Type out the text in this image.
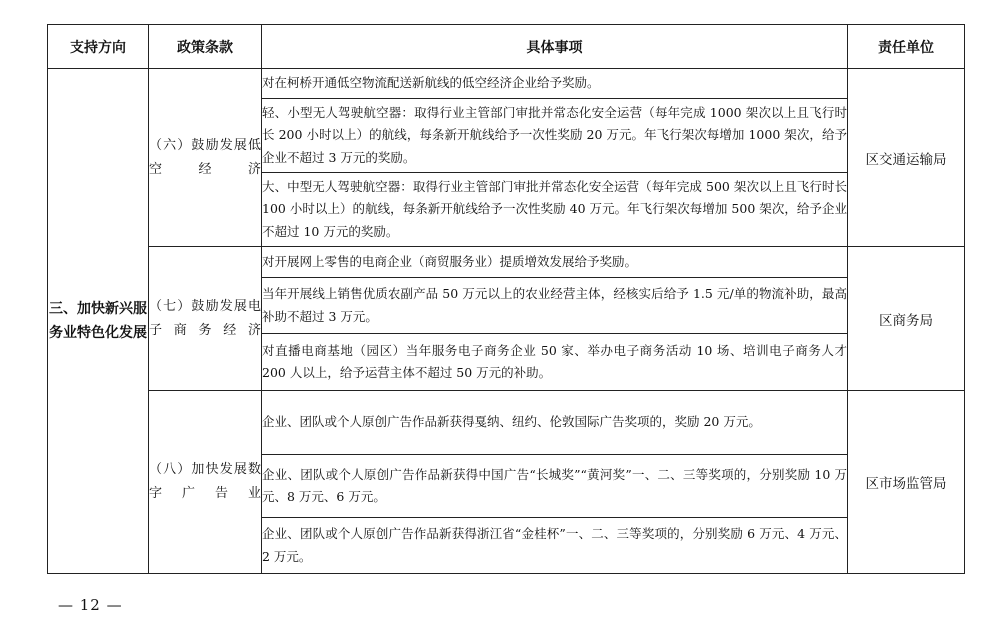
支持方向	政策条款	具体事项	责任单位
三、加快新兴服务业特色化发展	（六）鼓励发展低空经济	对在柯桥开通低空物流配送新航线的低空经济企业给予奖励。	区交通运输局
		轻、小型无人驾驶航空器：取得行业主管部门审批并常态化安全运营（每年完成 1000 架次以上且飞行时长 200 小时以上）的航线，每条新开航线给予一次性奖励 20 万元。年飞行架次每增加 1000 架次，给予企业不超过 3 万元的奖励。	
		大、中型无人驾驶航空器：取得行业主管部门审批并常态化安全运营（每年完成 500 架次以上且飞行时长 100 小时以上）的航线，每条新开航线给予一次性奖励 40 万元。年飞行架次每增加 500 架次，给予企业不超过 10 万元的奖励。	
	（七）鼓励发展电子商务经济	对开展网上零售的电商企业（商贸服务业）提质增效发展给予奖励。	区商务局
		当年开展线上销售优质农副产品 50 万元以上的农业经营主体，经核实后给予 1.5 元/单的物流补助，最高补助不超过 3 万元。	
		对直播电商基地（园区）当年服务电子商务企业 50 家、举办电子商务活动 10 场、培训电子商务人才 200 人以上，给予运营主体不超过 50 万元的补助。	
	（八）加快发展数字广告业	企业、团队或个人原创广告作品新获得戛纳、纽约、伦敦国际广告奖项的，奖励 20 万元。	区市场监管局
		企业、团队或个人原创广告作品新获得中国广告“长城奖”“黄河奖”一、二、三等奖项的，分别奖励 10 万元、8 万元、6 万元。	
		企业、团队或个人原创广告作品新获得浙江省“金桂杯”一、二、三等奖项的，分别奖励 6 万元、4 万元、2 万元。	
— 12 —
